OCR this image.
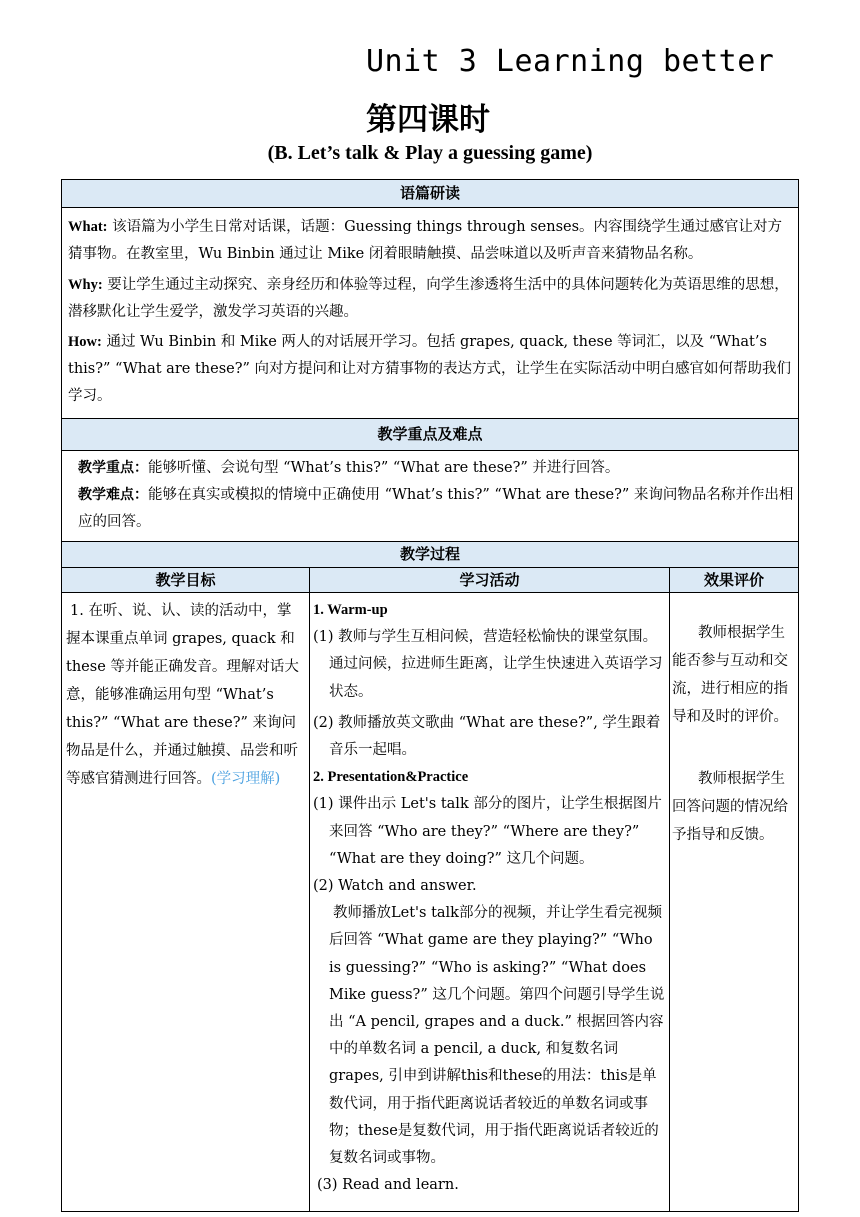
Unit 3 Learning better
第四课时
(B. Let’s talk & Play a guessing game)
语篇研读

What: 该语篇为小学生日常对话课，话题：Guessing things through senses。内容围绕学生通过感官让对方猜事物。在教室里，Wu Binbin 通过让 Mike 闭着眼睛触摸、品尝味道以及听声音来猜物品名称。

Why: 要让学生通过主动探究、亲身经历和体验等过程，向学生渗透将生活中的具体问题转化为英语思维的思想，潜移默化让学生爱学，激发学习英语的兴趣。

How: 通过 Wu Binbin 和 Mike 两人的对话展开学习。包括 grapes, quack, these 等词汇，以及 “What’s this?” “What are these?” 向对方提问和让对方猜事物的表达方式，让学生在实际活动中明白感官如何帮助我们学习。

教学重点及难点

教学重点：能够听懂、会说句型 “What’s this?” “What are these?” 并进行回答。

教学难点：能够在真实或模拟的情境中正确使用 “What’s this?” “What are these?” 来询问物品名称并作出相应的回答。

教学过程
教学目标	学习活动	效果评价

1. 在听、说、认、读的活动中，掌握本课重点单词 grapes, quack 和 these 等并能正确发音。理解对话大意，能够准确运用句型 “What’s this?” “What are these?” 来询问物品是什么，并通过触摸、品尝和听等感官猜测进行回答。(学习理解)

1. Warm-up

(1) 教师与学生互相问候，营造轻松愉快的课堂氛围。通过问候，拉进师生距离，让学生快速进入英语学习状态。

(2) 教师播放英文歌曲 “What are these?”, 学生跟着音乐一起唱。

2. Presentation&Practice

(1) 课件出示 Let's talk 部分的图片，让学生根据图片来回答 “Who are they?” “Where are they?” “What are they doing?” 这几个问题。

(2) Watch and answer.

教师播放Let's talk部分的视频，并让学生看完视频后回答 “What game are they playing?” “Who is guessing?” “Who is asking?” “What does Mike guess?” 这几个问题。第四个问题引导学生说出 “A pencil, grapes and a duck.” 根据回答内容中的单数名词 a pencil, a duck, 和复数名词 grapes, 引申到讲解this和these的用法：this是单数代词，用于指代距离说话者较近的单数名词或事物；these是复数代词，用于指代距离说话者较近的复数名词或事物。

(3) Read and learn.

教师根据学生能否参与互动和交流，进行相应的指导和及时的评价。

教师根据学生回答问题的情况给予指导和反馈。
